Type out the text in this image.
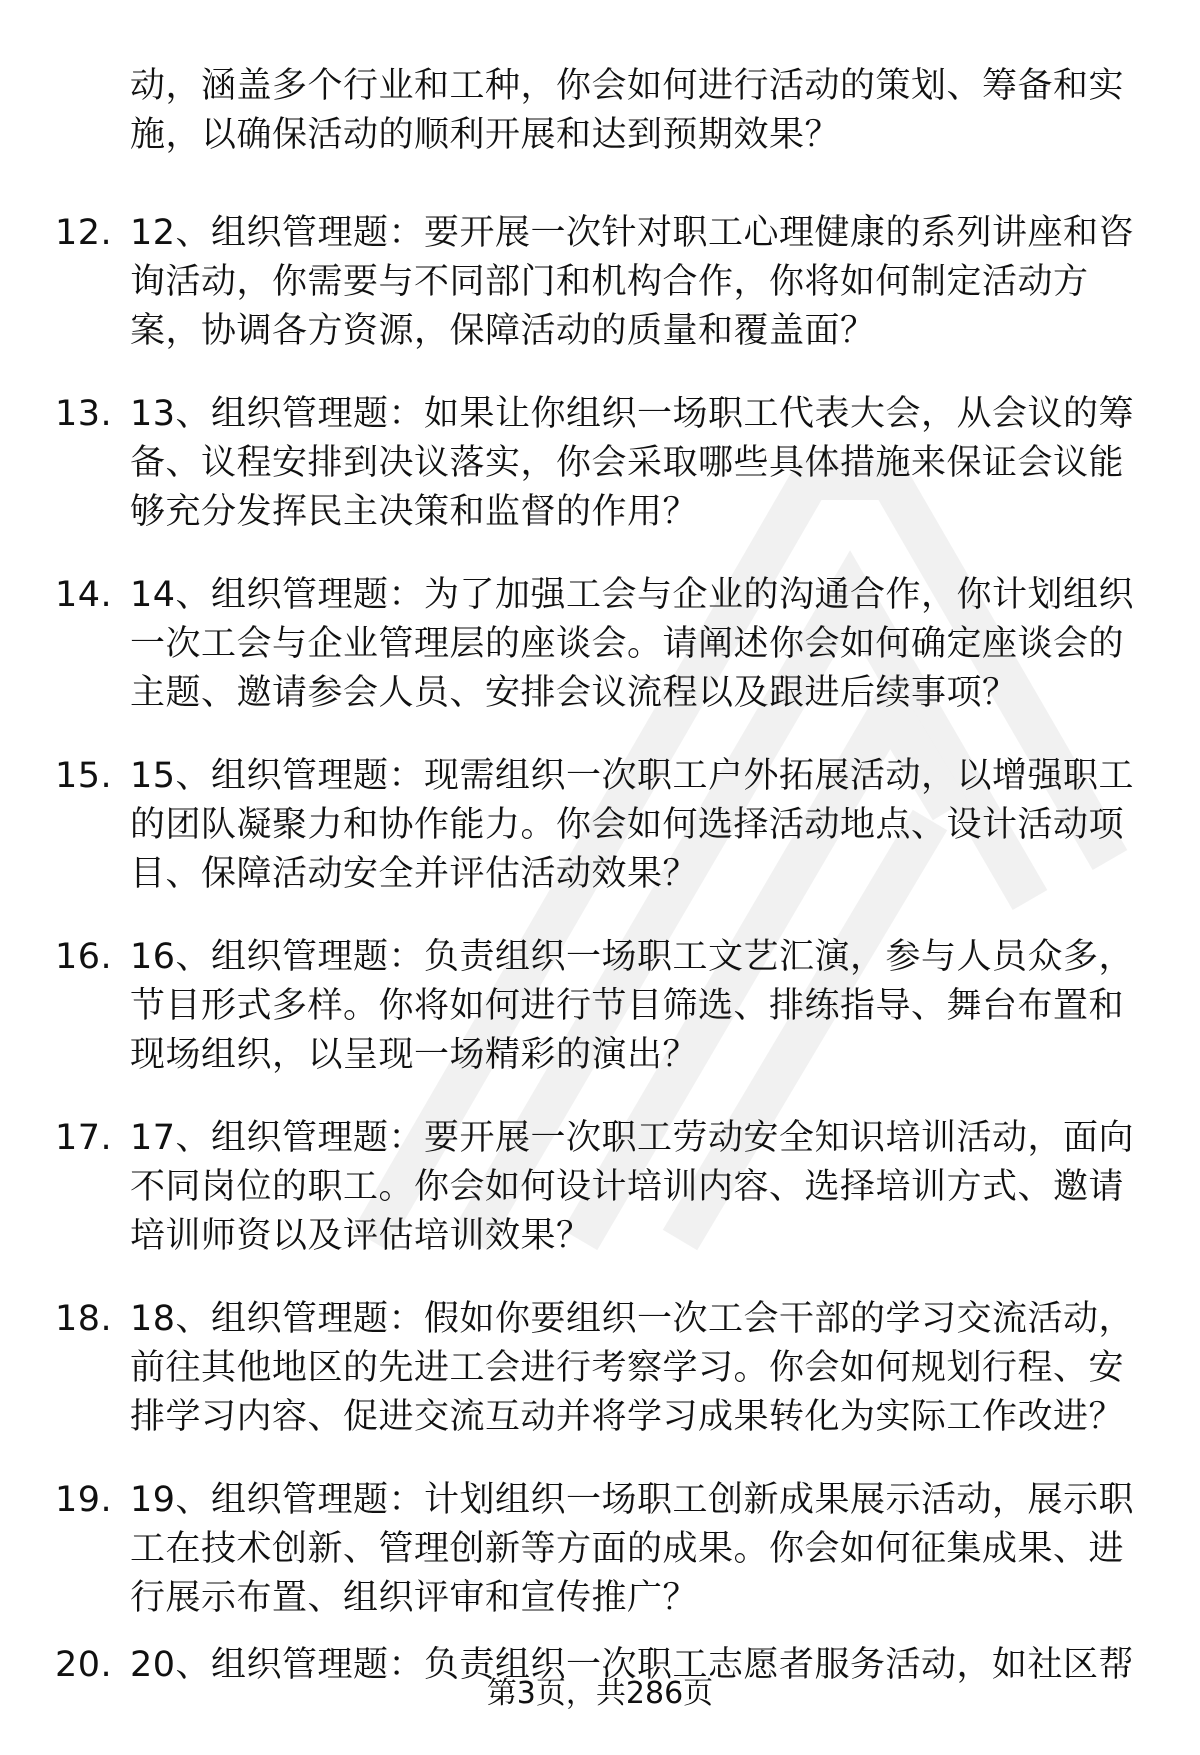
动，涵盖多个行业和工种，你会如何进行活动的策划、筹备和实施，以确保活动的顺利开展和达到预期效果？
12. 12、组织管理题：要开展一次针对职工心理健康的系列讲座和咨询活动，你需要与不同部门和机构合作，你将如何制定活动方案，协调各方资源，保障活动的质量和覆盖面？
13. 13、组织管理题：如果让你组织一场职工代表大会，从会议的筹备、议程安排到决议落实，你会采取哪些具体措施来保证会议能够充分发挥民主决策和监督的作用？
14. 14、组织管理题：为了加强工会与企业的沟通合作，你计划组织一次工会与企业管理层的座谈会。请阐述你会如何确定座谈会的主题、邀请参会人员、安排会议流程以及跟进后续事项？
15. 15、组织管理题：现需组织一次职工户外拓展活动，以增强职工的团队凝聚力和协作能力。你会如何选择活动地点、设计活动项目、保障活动安全并评估活动效果？
16. 16、组织管理题：负责组织一场职工文艺汇演，参与人员众多，节目形式多样。你将如何进行节目筛选、排练指导、舞台布置和现场组织，以呈现一场精彩的演出？
17. 17、组织管理题：要开展一次职工劳动安全知识培训活动，面向不同岗位的职工。你会如何设计培训内容、选择培训方式、邀请培训师资以及评估培训效果？
18. 18、组织管理题：假如你要组织一次工会干部的学习交流活动，前往其他地区的先进工会进行考察学习。你会如何规划行程、安排学习内容、促进交流互动并将学习成果转化为实际工作改进？
19. 19、组织管理题：计划组织一场职工创新成果展示活动，展示职工在技术创新、管理创新等方面的成果。你会如何征集成果、进行展示布置、组织评审和宣传推广？
20. 20、组织管理题：负责组织一次职工志愿者服务活动，如社区帮
第3页，共286页
